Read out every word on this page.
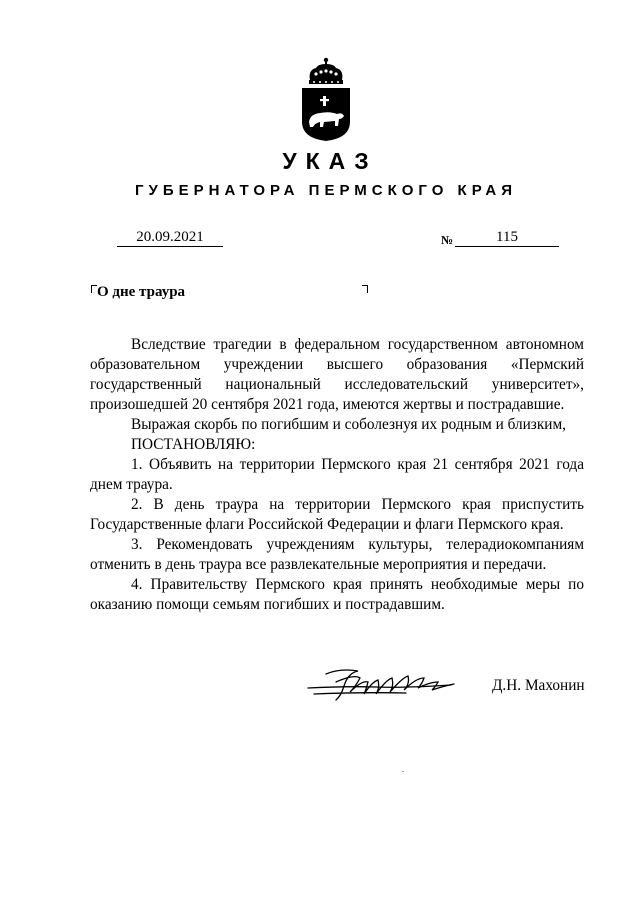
УКАЗ
ГУБЕРНАТОРА ПЕРМСКОГО КРАЯ
20.09.2021	№	115
О дне траура

Вследствие трагедии в федеральном государственном автономном образовательном учреждении высшего образования «Пермский государственный национальный исследовательский университет», произошедшей 20 сентября 2021 года, имеются жертвы и пострадавшие.

Выражая скорбь по погибшим и соболезнуя их родным и близким,

ПОСТАНОВЛЯЮ:

1. Объявить на территории Пермского края 21 сентября 2021 года днем траура.

2. В день траура на территории Пермского края приспустить Государственные флаги Российской Федерации и флаги Пермского края.

3. Рекомендовать учреждениям культуры, телерадиокомпаниям отменить в день траура все развлекательные мероприятия и передачи.

4. Правительству Пермского края принять необходимые меры по оказанию помощи семьям погибших и пострадавшим.

Д.Н. Махонин
